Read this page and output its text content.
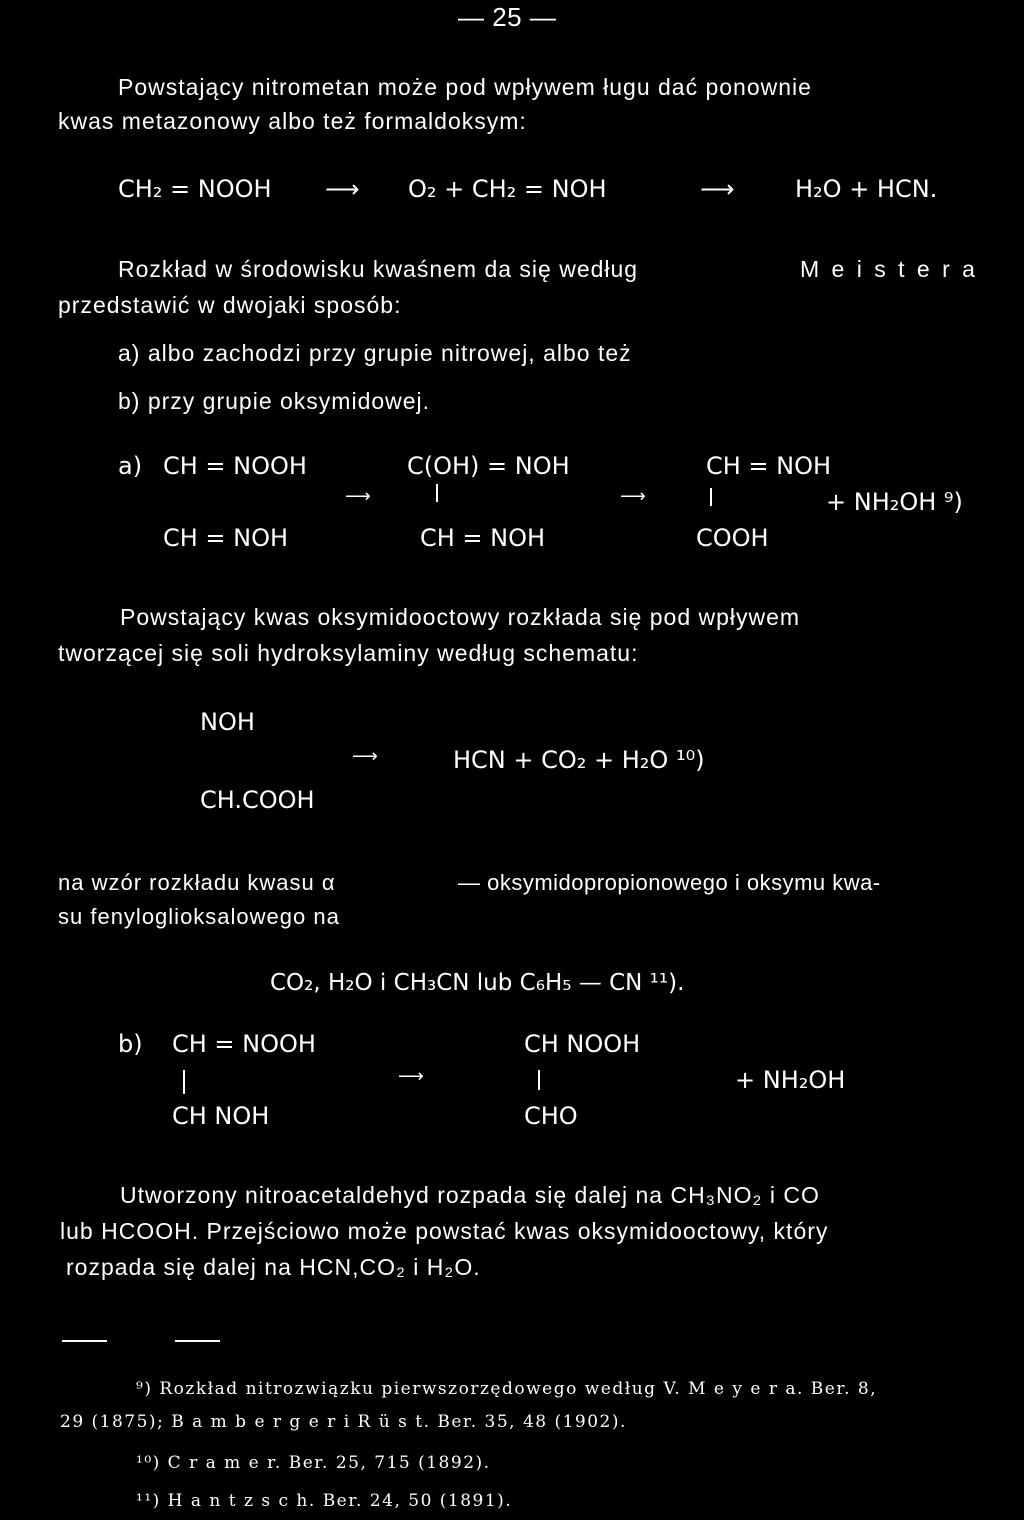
— 25 —
Powstający nitrometan może pod wpływem ługu dać ponownie
kwas metazonowy albo też formaldoksym:
CH₂ = NOOH ⟶ O₂ + CH₂ = NOH	⟶	H₂O + HCN.
Rozkład w środowisku kwaśnem da się według	M e i s t e r a
przedstawić w dwojaki sposób:
a) albo zachodzi przy grupie nitrowej, albo też
b) przy grupie oksymidowej.
a) CH = NOOH
CH = NOH
⟶
C(OH) = NOH
CH = NOH
⟶
CH = NOH
COOH
+ NH₂OH ⁹)
Powstający kwas oksymidooctowy rozkłada się pod wpływem
tworzącej się soli hydroksylaminy według schematu:
NOH
CH.COOH
⟶	HCN + CO₂ + H₂O ¹⁰)
na wzór rozkładu kwasu α	— oksymidopropionowego i oksymu kwa-
su fenyloglioksalowego na
CO₂, H₂O i CH₃CN lub C₆H₅ — CN ¹¹).
b) CH = NOOH
CH NOH
⟶
CH NOOH
CHO
+ NH₂OH
Utworzony nitroacetaldehyd rozpada się dalej na CH₃NO₂ i CO
lub HCOOH. Przejściowo może powstać kwas oksymidooctowy, który
rozpada się dalej na HCN,CO₂ i H₂O.
⁹) Rozkład nitrozwiązku pierwszorzędowego według V. M e y e r a. Ber. 8,
29 (1875); B a m b e r g e r i R ü s t. Ber. 35, 48 (1902).
¹⁰) C r a m e r. Ber. 25, 715 (1892).
¹¹) H a n t z s c h. Ber. 24, 50 (1891).
